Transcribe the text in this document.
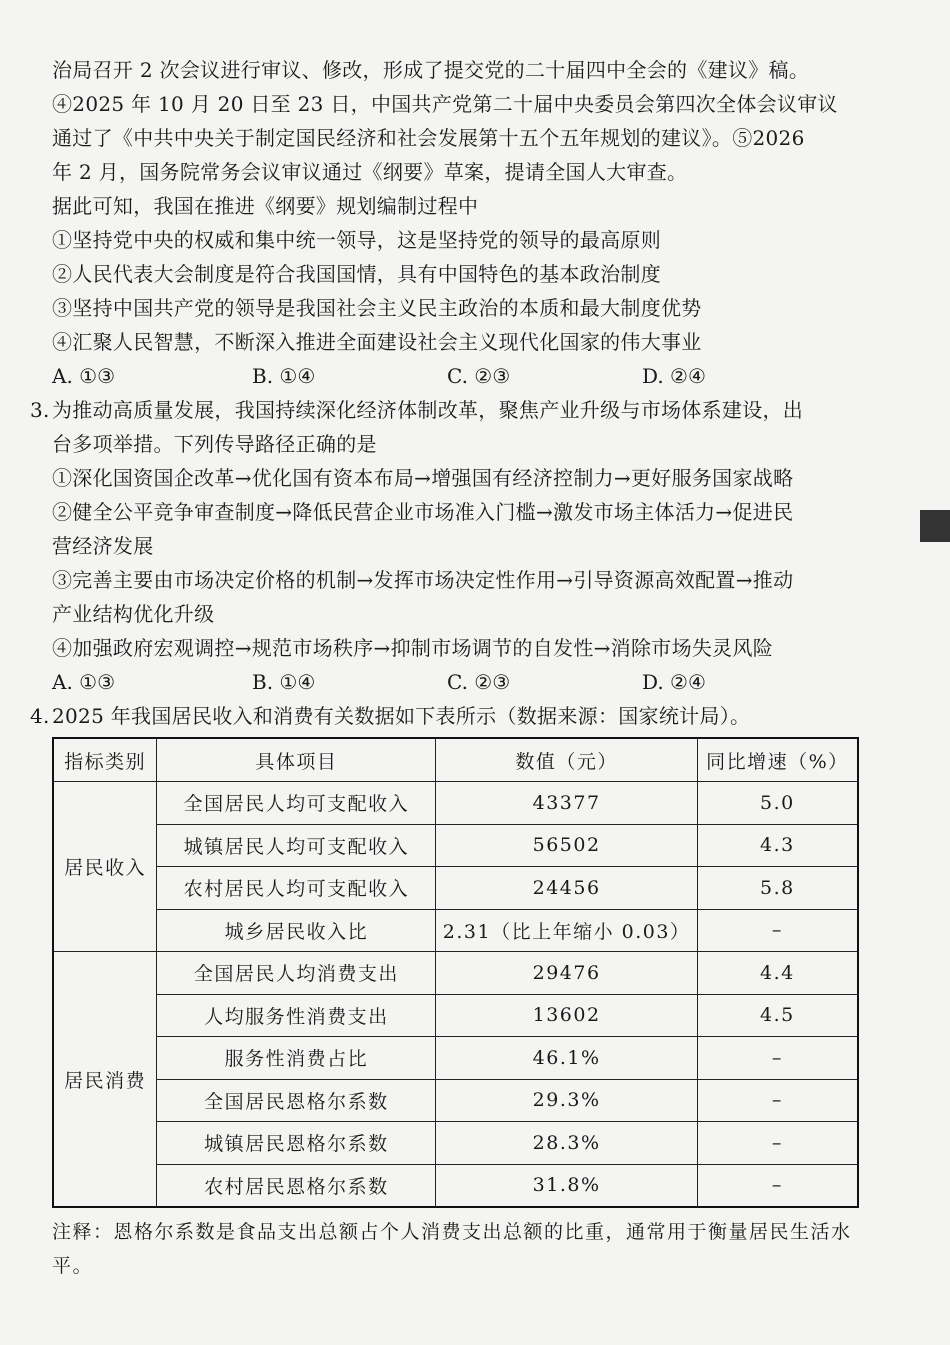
治局召开 2 次会议进行审议、修改，形成了提交党的二十届四中全会的《建议》稿。
④2025 年 10 月 20 日至 23 日，中国共产党第二十届中央委员会第四次全体会议审议
通过了《中共中央关于制定国民经济和社会发展第十五个五年规划的建议》。⑤2026
年 2 月，国务院常务会议审议通过《纲要》草案，提请全国人大审查。
据此可知，我国在推进《纲要》规划编制过程中
①坚持党中央的权威和集中统一领导，这是坚持党的领导的最高原则
②人民代表大会制度是符合我国国情，具有中国特色的基本政治制度
③坚持中国共产党的领导是我国社会主义民主政治的本质和最大制度优势
④汇聚人民智慧，不断深入推进全面建设社会主义现代化国家的伟大事业
A. ①③	B. ①④	C. ②③	D. ②④
3. 为推动高质量发展，我国持续深化经济体制改革，聚焦产业升级与市场体系建设，出
台多项举措。下列传导路径正确的是
①深化国资国企改革→优化国有资本布局→增强国有经济控制力→更好服务国家战略
②健全公平竞争审查制度→降低民营企业市场准入门槛→激发市场主体活力→促进民
营经济发展
③完善主要由市场决定价格的机制→发挥市场决定性作用→引导资源高效配置→推动
产业结构优化升级
④加强政府宏观调控→规范市场秩序→抑制市场调节的自发性→消除市场失灵风险
A. ①③	B. ①④	C. ②③	D. ②④
4. 2025 年我国居民收入和消费有关数据如下表所示（数据来源：国家统计局）。
指标类别	具体项目	数值（元）	同比增速（%）
居民收入	全国居民人均可支配收入	43377	5.0
	城镇居民人均可支配收入	56502	4.3
	农村居民人均可支配收入	24456	5.8
	城乡居民收入比	2.31（比上年缩小 0.03）	–
居民消费	全国居民人均消费支出	29476	4.4
	人均服务性消费支出	13602	4.5
	服务性消费占比	46.1%	–
	全国居民恩格尔系数	29.3%	–
	城镇居民恩格尔系数	28.3%	–
	农村居民恩格尔系数	31.8%	–
注释：恩格尔系数是食品支出总额占个人消费支出总额的比重，通常用于衡量居民生活水平。
